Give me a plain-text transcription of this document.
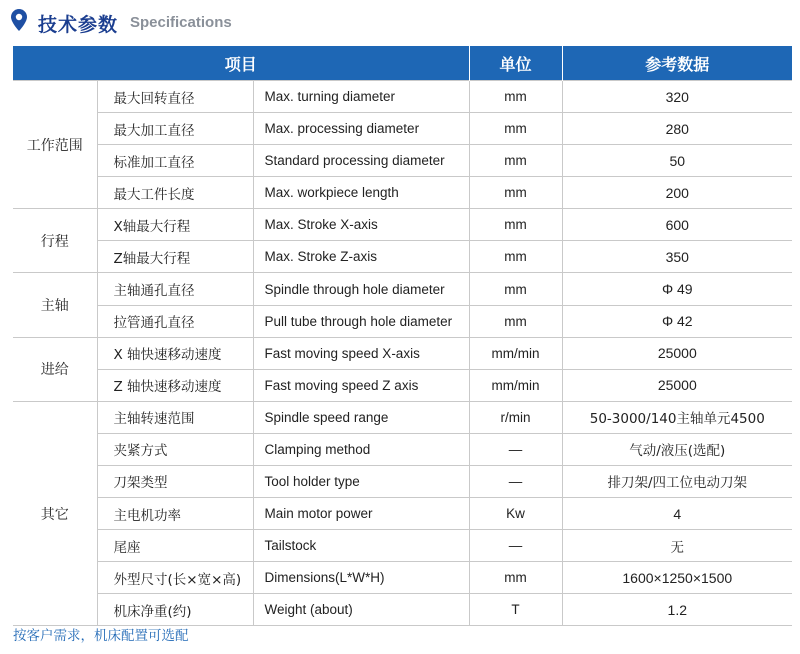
技术参数 Specifications
项目			单位	参考数据
工作范围	最大回转直径	Max. turning diameter	mm	320
	最大加工直径	Max. processing diameter	mm	280
	标准加工直径	Standard processing diameter	mm	50
	最大工件长度	Max. workpiece length	mm	200
行程	X轴最大行程	Max. Stroke X-axis	mm	600
	Z轴最大行程	Max. Stroke Z-axis	mm	350
主轴	主轴通孔直径	Spindle through hole diameter	mm	Φ 49
	拉管通孔直径	Pull tube through hole diameter	mm	Φ 42
进给	X 轴快速移动速度	Fast moving speed X-axis	mm/min	25000
	Z 轴快速移动速度	Fast moving speed Z axis	mm/min	25000
其它	主轴转速范围	Spindle speed range	r/min	50-3000/140主轴单元4500
	夹紧方式	Clamping method	—	气动/液压(选配)
	刀架类型	Tool holder type	—	排刀架/四工位电动刀架
	主电机功率	Main motor power	Kw	4
	尾座	Tailstock	—	无
	外型尺寸(长×宽×高)	Dimensions(L*W*H)	mm	1600×1250×1500
	机床净重(约)	Weight (about)	T	1.2
按客户需求，机床配置可选配
